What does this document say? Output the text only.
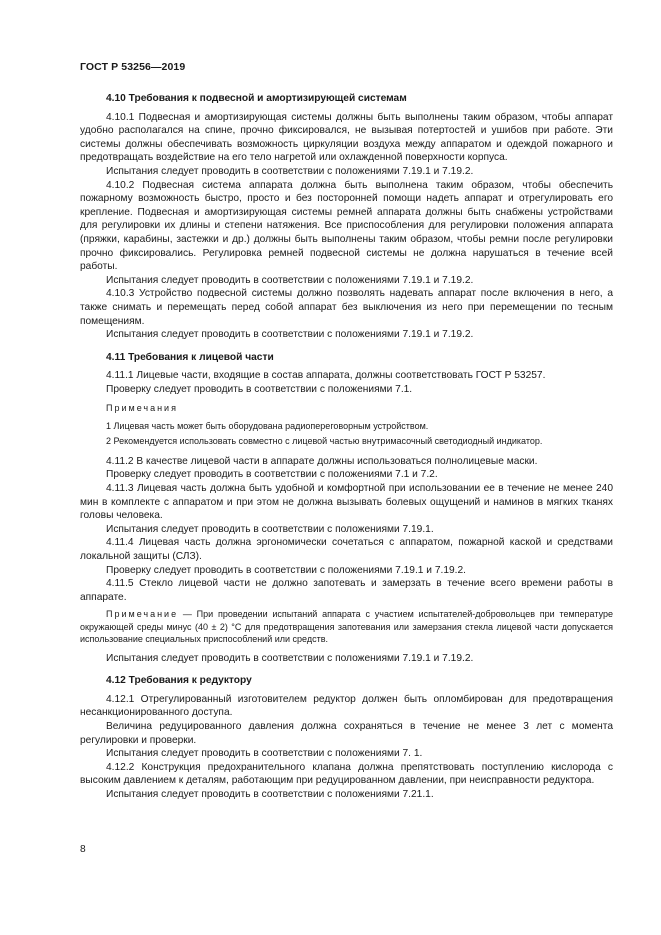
ГОСТ Р 53256—2019
4.10 Требования к подвесной и амортизирующей системам

4.10.1 Подвесная и амортизирующая системы должны быть выполнены таким образом, чтобы аппарат удобно располагался на спине, прочно фиксировался, не вызывая потертостей и ушибов при работе. Эти системы должны обеспечивать возможность циркуляции воздуха между аппаратом и одеждой пожарного и предотвращать воздействие на его тело нагретой или охлажденной поверхности корпуса.

Испытания следует проводить в соответствии с положениями 7.19.1 и 7.19.2.

4.10.2 Подвесная система аппарата должна быть выполнена таким образом, чтобы обеспечить пожарному возможность быстро, просто и без посторонней помощи надеть аппарат и отрегулировать его крепление. Подвесная и амортизирующая системы ремней аппарата должны быть снабжены устройствами для регулировки их длины и степени натяжения. Все приспособления для регулировки положения аппарата (пряжки, карабины, застежки и др.) должны быть выполнены таким образом, чтобы ремни после регулировки прочно фиксировались. Регулировка ремней подвесной системы не должна нарушаться в течение всей работы.

Испытания следует проводить в соответствии с положениями 7.19.1 и 7.19.2.

4.10.3 Устройство подвесной системы должно позволять надевать аппарат после включения в него, а также снимать и перемещать перед собой аппарат без выключения из него при перемещении по тесным помещениям.

Испытания следует проводить в соответствии с положениями 7.19.1 и 7.19.2.

4.11 Требования к лицевой части

4.11.1 Лицевые части, входящие в состав аппарата, должны соответствовать ГОСТ Р 53257.

Проверку следует проводить в соответствии с положениями 7.1.

Примечания

1 Лицевая часть может быть оборудована радиопереговорным устройством.

2 Рекомендуется использовать совместно с лицевой частью внутримасочный светодиодный индикатор.

4.11.2 В качестве лицевой части в аппарате должны использоваться полнолицевые маски.

Проверку следует проводить в соответствии с положениями 7.1 и 7.2.

4.11.3 Лицевая часть должна быть удобной и комфортной при использовании ее в течение не менее 240 мин в комплекте с аппаратом и при этом не должна вызывать болевых ощущений и наминов в мягких тканях головы человека.

Испытания следует проводить в соответствии с положениями 7.19.1.

4.11.4 Лицевая часть должна эргономически сочетаться с аппаратом, пожарной каской и средствами локальной защиты (СЛЗ).

Проверку следует проводить в соответствии с положениями 7.19.1 и 7.19.2.

4.11.5 Стекло лицевой части не должно запотевать и замерзать в течение всего времени работы в аппарате.

Примечание — При проведении испытаний аппарата с участием испытателей-добровольцев при температуре окружающей среды минус (40 ± 2) °С для предотвращения запотевания или замерзания стекла лицевой части допускается использование специальных приспособлений или средств.

Испытания следует проводить в соответствии с положениями 7.19.1 и 7.19.2.

4.12 Требования к редуктору

4.12.1 Отрегулированный изготовителем редуктор должен быть опломбирован для предотвращения несанкционированного доступа.

Величина редуцированного давления должна сохраняться в течение не менее 3 лет с момента регулировки и проверки.

Испытания следует проводить в соответствии с положениями 7. 1.

4.12.2 Конструкция предохранительного клапана должна препятствовать поступлению кислорода с высоким давлением к деталям, работающим при редуцированном давлении, при неисправности редуктора.

Испытания следует проводить в соответствии с положениями 7.21.1.

8
